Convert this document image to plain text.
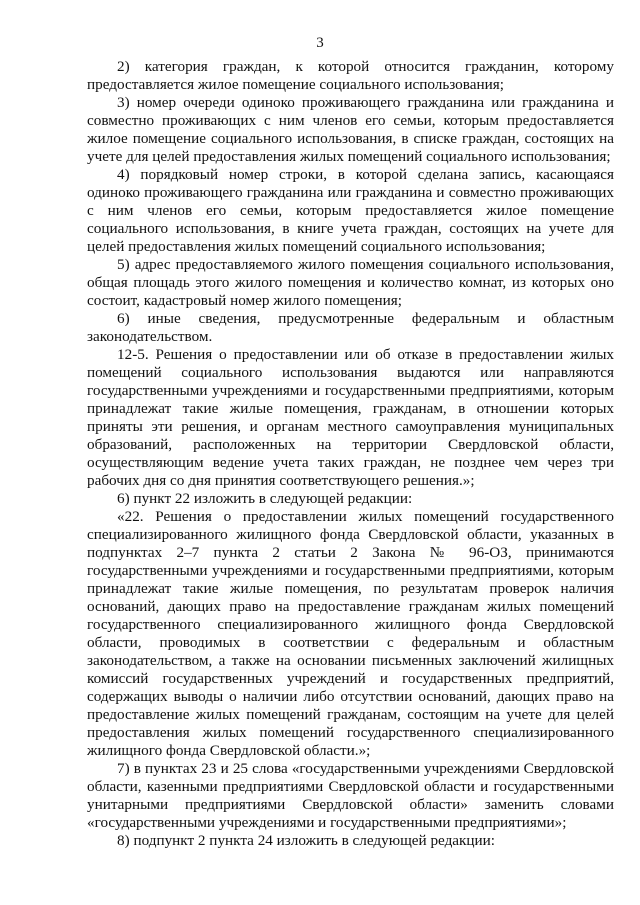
3

2) категория граждан, к которой относится гражданин, которому предоставляется жилое помещение социального использования;

3) номер очереди одиноко проживающего гражданина или гражданина и совместно проживающих с ним членов его семьи, которым предоставляется жилое помещение социального использования, в списке граждан, состоящих на учете для целей предоставления жилых помещений социального использования;

4) порядковый номер строки, в которой сделана запись, касающаяся одиноко проживающего гражданина или гражданина и совместно проживающих с ним членов его семьи, которым предоставляется жилое помещение социального использования, в книге учета граждан, состоящих на учете для целей предоставления жилых помещений социального использования;

5) адрес предоставляемого жилого помещения социального использования, общая площадь этого жилого помещения и количество комнат, из которых оно состоит, кадастровый номер жилого помещения;

6) иные сведения, предусмотренные федеральным и областным законодательством.

12-5. Решения о предоставлении или об отказе в предоставлении жилых помещений социального использования выдаются или направляются государственными учреждениями и государственными предприятиями, которым принадлежат такие жилые помещения, гражданам, в отношении которых приняты эти решения, и органам местного самоуправления муниципальных образований, расположенных на территории Свердловской области, осуществляющим ведение учета таких граждан, не позднее чем через три рабочих дня со дня принятия соответствующего решения.»;

6) пункт 22 изложить в следующей редакции:

«22. Решения о предоставлении жилых помещений государственного специализированного жилищного фонда Свердловской области, указанных в подпунктах 2–7 пункта 2 статьи 2 Закона № 96-ОЗ, принимаются государственными учреждениями и государственными предприятиями, которым принадлежат такие жилые помещения, по результатам проверок наличия оснований, дающих право на предоставление гражданам жилых помещений государственного специализированного жилищного фонда Свердловской области, проводимых в соответствии с федеральным и областным законодательством, а также на основании письменных заключений жилищных комиссий государственных учреждений и государственных предприятий, содержащих выводы о наличии либо отсутствии оснований, дающих право на предоставление жилых помещений гражданам, состоящим на учете для целей предоставления жилых помещений государственного специализированного жилищного фонда Свердловской области.»;

7) в пунктах 23 и 25 слова «государственными учреждениями Свердловской области, казенными предприятиями Свердловской области и государственными унитарными предприятиями Свердловской области» заменить словами «государственными учреждениями и государственными предприятиями»;

8) подпункт 2 пункта 24 изложить в следующей редакции:
